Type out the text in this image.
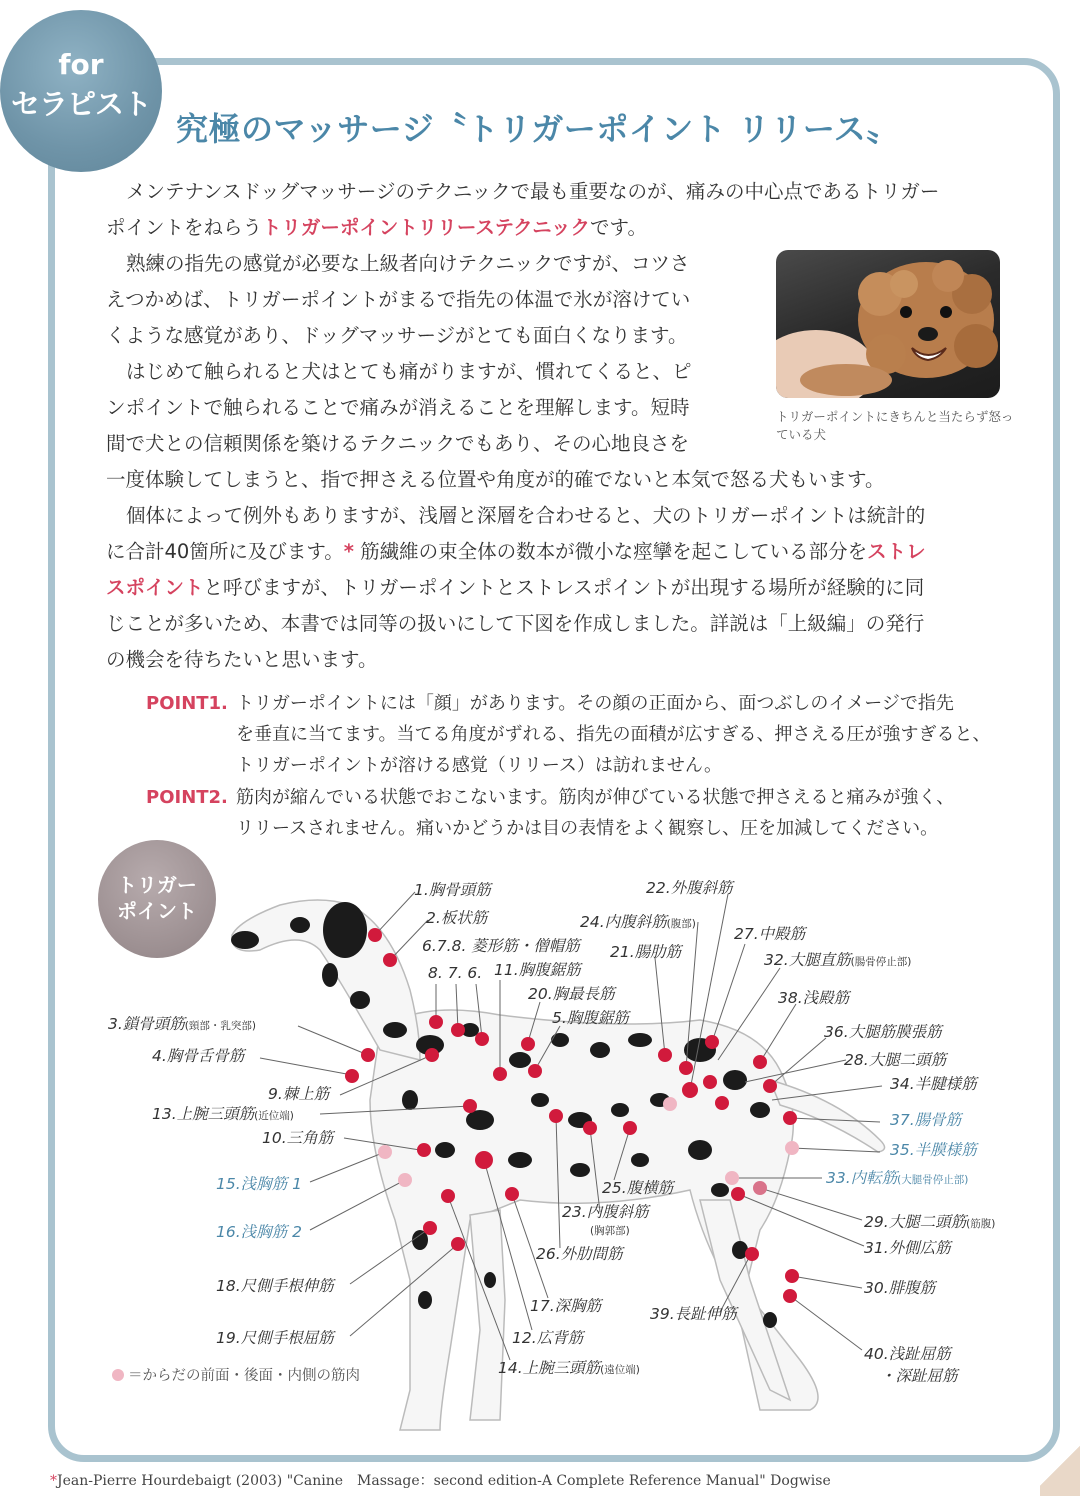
for
セラピスト
究極のマッサージ〝トリガーポイント リリース〟
メンテナンスドッグマッサージのテクニックで最も重要なのが、痛みの中心点であるトリガー
ポイントをねらうトリガーポイントリリーステクニックです。
熟練の指先の感覚が必要な上級者向けテクニックですが、コツさ
えつかめば、トリガーポイントがまるで指先の体温で氷が溶けてい
くような感覚があり、ドッグマッサージがとても面白くなります。
はじめて触られると犬はとても痛がりますが、慣れてくると、ピ
ンポイントで触られることで痛みが消えることを理解します。短時
間で犬との信頼関係を築けるテクニックでもあり、その心地良さを
一度体験してしまうと、指で押さえる位置や角度が的確でないと本気で怒る犬もいます。
個体によって例外もありますが、浅層と深層を合わせると、犬のトリガーポイントは統計的
に合計40箇所に及びます。* 筋繊維の束全体の数本が微小な痙攣を起こしている部分をストレ
スポイントと呼びますが、トリガーポイントとストレスポイントが出現する場所が経験的に同
じことが多いため、本書では同等の扱いにして下図を作成しました。詳説は「上級編」の発行
の機会を待ちたいと思います。
トリガーポイントにきちんと当たらず怒っている犬
POINT1. トリガーポイントには「顔」があります。その顔の正面から、面つぶしのイメージで指先
を垂直に当てます。当てる角度がずれる、指先の面積が広すぎる、押さえる圧が強すぎると、
トリガーポイントが溶ける感覚（リリース）は訪れません。
POINT2. 筋肉が縮んでいる状態でおこないます。筋肉が伸びている状態で押さえると痛みが強く、
リリースされません。痛いかどうかは目の表情をよく観察し、圧を加減してください。
トリガー
ポイント
1.胸骨頭筋
2.板状筋
6.7.8. 菱形筋・僧帽筋
8. 7. 6. 11.胸腹鋸筋
20.胸最長筋
5.胸腹鋸筋
3.鎖骨頭筋(頸部・乳突部)
4.胸骨舌骨筋
9.棘上筋
13.上腕三頭筋(近位端)
10.三角筋
15.浅胸筋 1
16.浅胸筋 2
18.尺側手根伸筋
19.尺側手根屈筋
22.外腹斜筋
24.内腹斜筋(腹部)
21.腸肋筋
27.中殿筋
32.大腿直筋(腸骨停止部)
38.浅殿筋
36.大腿筋膜張筋
28.大腿二頭筋
34.半腱様筋
37.腸骨筋
35.半膜様筋
33.内転筋(大腿骨停止部)
25.腹横筋
23.内腹斜筋
(胸郭部)
26.外肋間筋
29.大腿二頭筋(筋腹)
31.外側広筋
30.腓腹筋
17.深胸筋	39.長趾伸筋
12.広背筋
14.上腕三頭筋(遠位端)
40.浅趾屈筋
・深趾屈筋
＝からだの前面・後面・内側の筋肉
*Jean-Pierre Hourdebaigt (2003) "Canine　Massage：second edition-A Complete Reference Manual" Dogwise
